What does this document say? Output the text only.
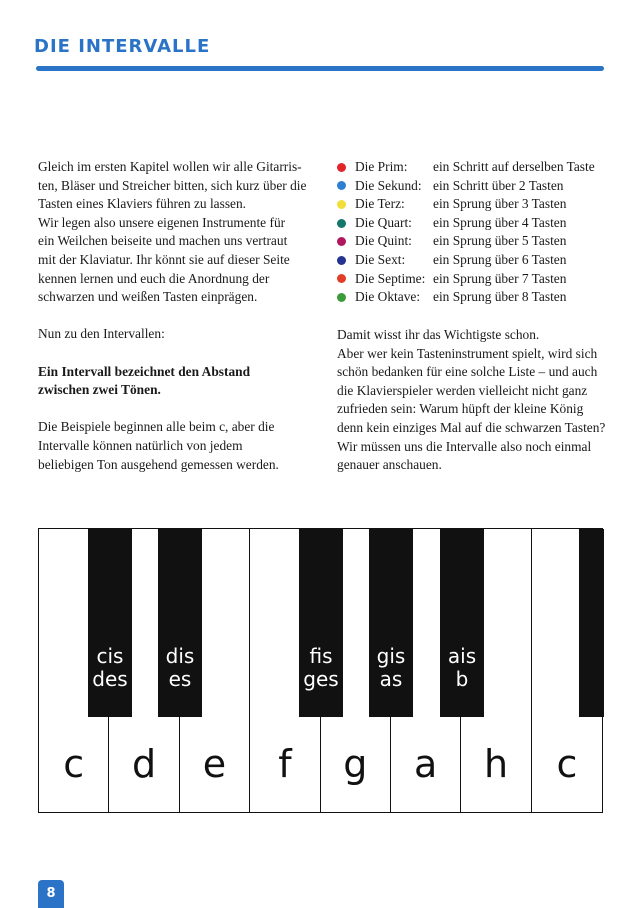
DIE INTERVALLE

Gleich im ersten Kapitel wollen wir alle Gitarris-
ten, Bläser und Streicher bitten, sich kurz über die
Tasten eines Klaviers führen zu lassen.
Wir legen also unsere eigenen Instrumente für
ein Weilchen beiseite und machen uns vertraut
mit der Klaviatur. Ihr könnt sie auf dieser Seite
kennen lernen und euch die Anordnung der
schwarzen und weißen Tasten einprägen.

Nun zu den Intervallen:

Ein Intervall bezeichnet den Abstand
zwischen zwei Tönen.

Die Beispiele beginnen alle beim c, aber die
Intervalle können natürlich von jedem
beliebigen Ton ausgehend gemessen werden.

Die Prim:	ein Schritt auf derselben Taste
Die Sekund: ein Schritt über 2 Tasten
Die Terz:	ein Sprung über 3 Tasten
Die Quart:	ein Sprung über 4 Tasten
Die Quint:	ein Sprung über 5 Tasten
Die Sext:	ein Sprung über 6 Tasten
Die Septime: ein Sprung über 7 Tasten
Die Oktave: ein Sprung über 8 Tasten

Damit wisst ihr das Wichtigste schon.
Aber wer kein Tasteninstrument spielt, wird sich
schön bedanken für eine solche Liste – und auch
die Klavierspieler werden vielleicht nicht ganz
zufrieden sein: Warum hüpft der kleine König
denn kein einziges Mal auf die schwarzen Tasten?
Wir müssen uns die Intervalle also noch einmal
genauer anschauen.

c	d	e	f	g	a	h	c
cis
des
dis
es
fis
ges
gis
as
ais
b
8
